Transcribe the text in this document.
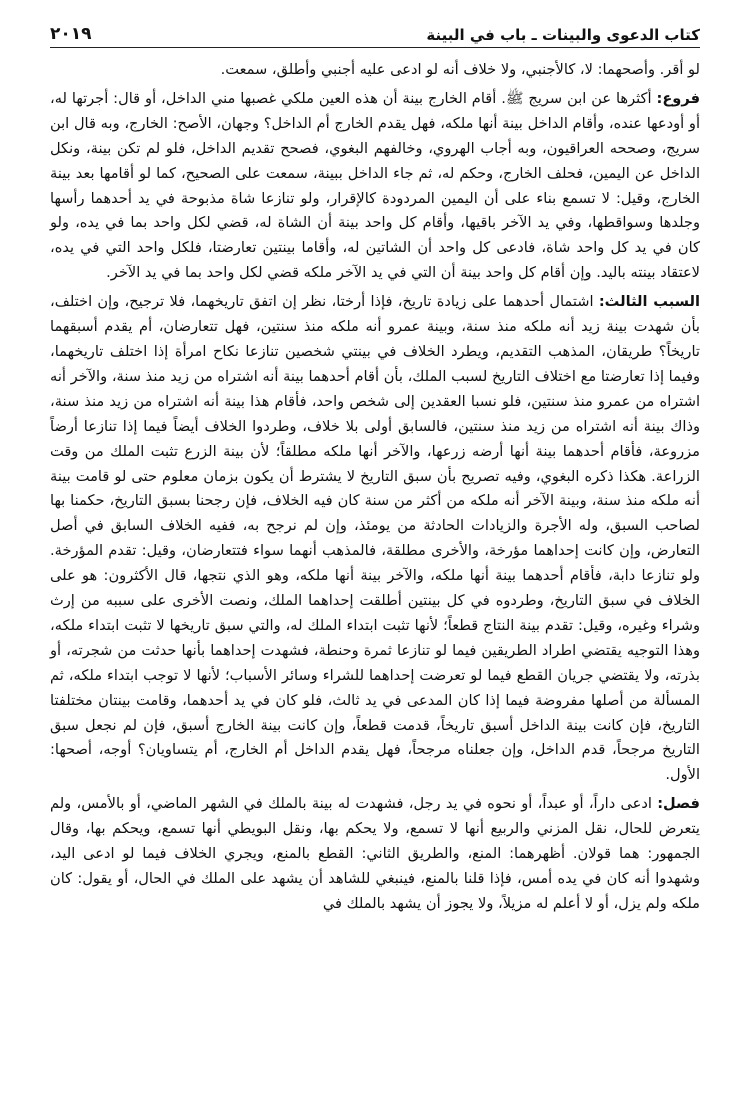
كتاب الدعوى والبينات ـ باب في البينة
٢٠١٩

لو أقر. وأصحهما: لا، كالأجنبي، ولا خلاف أنه لو ادعى عليه أجنبي وأطلق، سمعت.

فروع: أكثرها عن ابن سريج ﷺ. أقام الخارج بينة أن هذه العين ملكي غصبها مني الداخل، أو قال: أجرتها له، أو أودعها عنده، وأقام الداخل بينة أنها ملكه، فهل يقدم الخارج أم الداخل؟ وجهان، الأصح: الخارج، وبه قال ابن سريج، وصححه العراقيون، وبه أجاب الهروي، وخالفهم البغوي، فصحح تقديم الداخل، فلو لم تكن بينة، ونكل الداخل عن اليمين، فحلف الخارج، وحكم له، ثم جاء الداخل ببينة، سمعت على الصحيح، كما لو أقامها بعد بينة الخارج، وقيل: لا تسمع بناء على أن اليمين المردودة كالإقرار، ولو تنازعا شاة مذبوحة في يد أحدهما رأسها وجلدها وسواقطها، وفي يد الآخر باقيها، وأقام كل واحد بينة أن الشاة له، قضي لكل واحد بما في يده، ولو كان في يد كل واحد شاة، فادعى كل واحد أن الشاتين له، وأقاما بينتين تعارضتا، فلكل واحد التي في يده، لاعتقاد بينته باليد. وإن أقام كل واحد بينة أن التي في يد الآخر ملكه قضي لكل واحد بما في يد الآخر.

السبب الثالث: اشتمال أحدهما على زيادة تاريخ، فإذا أرختا، نظر إن اتفق تاريخهما، فلا ترجيح، وإن اختلف، بأن شهدت بينة زيد أنه ملكه منذ سنة، وبينة عمرو أنه ملكه منذ سنتين، فهل تتعارضان، أم يقدم أسبقهما تاريخاً؟ طريقان، المذهب التقديم، ويطرد الخلاف في بينتي شخصين تنازعا نكاح امرأة إذا اختلف تاريخهما، وفيما إذا تعارضتا مع اختلاف التاريخ لسبب الملك، بأن أقام أحدهما بينة أنه اشتراه من زيد منذ سنة، والآخر أنه اشتراه من عمرو منذ سنتين، فلو نسبا العقدين إلى شخص واحد، فأقام هذا بينة أنه اشتراه من زيد منذ سنة، وذاك بينة أنه اشتراه من زيد منذ سنتين، فالسابق أولى بلا خلاف، وطردوا الخلاف أيضاً فيما إذا تنازعا أرضاً مزروعة، فأقام أحدهما بينة أنها أرضه زرعها، والآخر أنها ملكه مطلقاً؛ لأن بينة الزرع تثبت الملك من وقت الزراعة. هكذا ذكره البغوي، وفيه تصريح بأن سبق التاريخ لا يشترط أن يكون بزمان معلوم حتى لو قامت بينة أنه ملكه منذ سنة، وبينة الآخر أنه ملكه من أكثر من سنة كان فيه الخلاف، فإن رجحنا بسبق التاريخ، حكمنا بها لصاحب السبق، وله الأجرة والزيادات الحادثة من يومئذ، وإن لم نرجح به، ففيه الخلاف السابق في أصل التعارض، وإن كانت إحداهما مؤرخة، والأخرى مطلقة، فالمذهب أنهما سواء فتتعارضان، وقيل: تقدم المؤرخة. ولو تنازعا دابة، فأقام أحدهما بينة أنها ملكه، والآخر بينة أنها ملكه، وهو الذي نتجها، قال الأكثرون: هو على الخلاف في سبق التاريخ، وطردوه في كل بينتين أطلقت إحداهما الملك، ونصت الأخرى على سببه من إرث وشراء وغيره، وقيل: تقدم بينة النتاج قطعاً؛ لأنها تثبت ابتداء الملك له، والتي سبق تاريخها لا تثبت ابتداء ملكه، وهذا التوجيه يقتضي اطراد الطريقين فيما لو تنازعا ثمرة وحنطة، فشهدت إحداهما بأنها حدثت من شجرته، أو بذرته، ولا يقتضي جريان القطع فيما لو تعرضت إحداهما للشراء وسائر الأسباب؛ لأنها لا توجب ابتداء ملكه، ثم المسألة من أصلها مفروضة فيما إذا كان المدعى في يد ثالث، فلو كان في يد أحدهما، وقامت بينتان مختلفتا التاريخ، فإن كانت بينة الداخل أسبق تاريخاً، قدمت قطعاً، وإن كانت بينة الخارج أسبق، فإن لم نجعل سبق التاريخ مرجحاً، قدم الداخل، وإن جعلناه مرجحاً، فهل يقدم الداخل أم الخارج، أم يتساويان؟ أوجه، أصحها: الأول.

فصل: ادعى داراً، أو عبداً، أو نحوه في يد رجل، فشهدت له بينة بالملك في الشهر الماضي، أو بالأمس، ولم يتعرض للحال، نقل المزني والربيع أنها لا تسمع، ولا يحكم بها، ونقل البويطي أنها تسمع، ويحكم بها، وقال الجمهور: هما قولان. أظهرهما: المنع، والطريق الثاني: القطع بالمنع، ويجري الخلاف فيما لو ادعى اليد، وشهدوا أنه كان في يده أمس، فإذا قلنا بالمنع، فينبغي للشاهد أن يشهد على الملك في الحال، أو يقول: كان ملكه ولم يزل، أو لا أعلم له مزيلاً، ولا يجوز أن يشهد بالملك في
